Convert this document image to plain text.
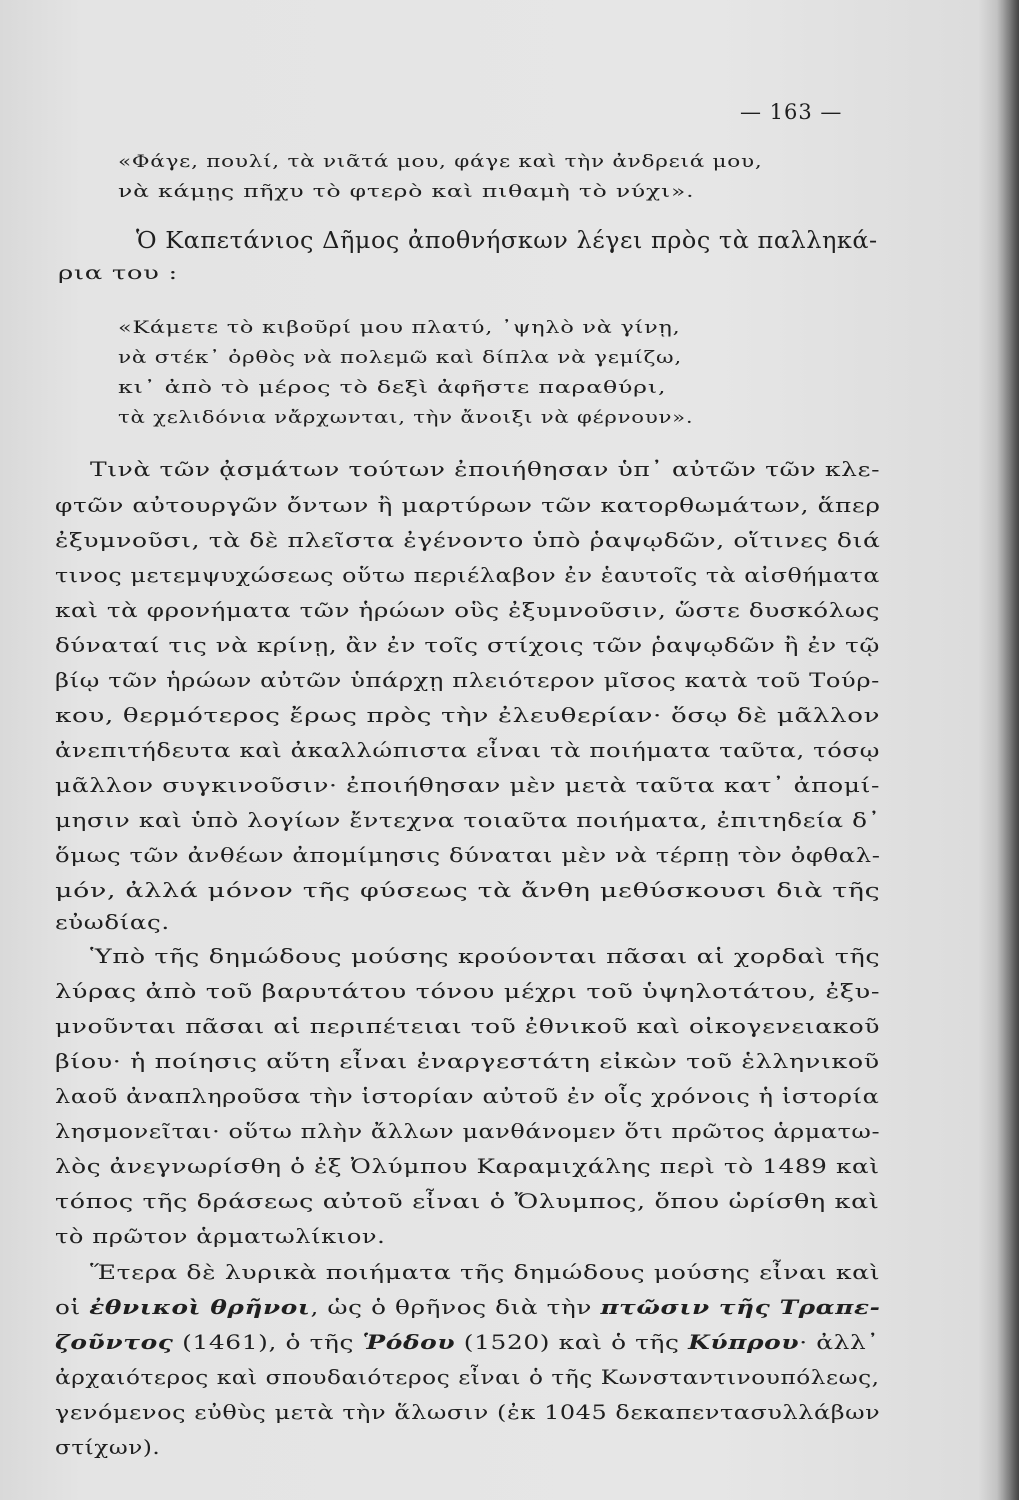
— 163 —
«Φάγε, πουλί, τὰ νιᾶτά μου, φάγε καὶ τὴν ἀνδρειά μου,
νὰ κάμῃς πῆχυ τὸ φτερὸ καὶ πιθαμὴ τὸ νύχι».
Ὁ Καπετάνιος Δῆμος ἀποθνήσκων λέγει πρὸς τὰ παλληκά-
ρια του :
«Κάμετε τὸ κιβοῦρί μου πλατύ, ᾿ψηλὸ νὰ γίνῃ,
νὰ στέκ᾿ ὀρθὸς νὰ πολεμῶ καὶ δίπλα νὰ γεμίζω,
κι᾿ ἀπὸ τὸ μέρος τὸ δεξὶ ἀφῆστε παραθύρι,
τὰ χελιδόνια νἄρχωνται, τὴν ἄνοιξι νὰ φέρνουν».
Τινὰ τῶν ᾀσμάτων τούτων ἐποιήθησαν ὑπ᾿ αὐτῶν τῶν κλε-
φτῶν αὐτουργῶν ὄντων ἢ μαρτύρων τῶν κατορθωμάτων, ἅπερ
ἐξυμνοῦσι, τὰ δὲ πλεῖστα ἐγένοντο ὑπὸ ῥαψῳδῶν, οἵτινες διά
τινος μετεμψυχώσεως οὕτω περιέλαβον ἐν ἑαυτοῖς τὰ αἰσθήματα
καὶ τὰ φρονήματα τῶν ἡρώων οὓς ἐξυμνοῦσιν, ὥστε δυσκόλως
δύναταί τις νὰ κρίνῃ, ἂν ἐν τοῖς στίχοις τῶν ῥαψῳδῶν ἢ ἐν τῷ
βίῳ τῶν ἡρώων αὐτῶν ὑπάρχῃ πλειότερον μῖσος κατὰ τοῦ Τούρ-
κου, θερμότερος ἔρως πρὸς τὴν ἐλευθερίαν· ὅσῳ δὲ μᾶλλον
ἀνεπιτήδευτα καὶ ἀκαλλώπιστα εἶναι τὰ ποιήματα ταῦτα, τόσῳ
μᾶλλον συγκινοῦσιν· ἐποιήθησαν μὲν μετὰ ταῦτα κατ᾿ ἀπομί-
μησιν καὶ ὑπὸ λογίων ἔντεχνα τοιαῦτα ποιήματα, ἐπιτηδεία δ᾿
ὅμως τῶν ἀνθέων ἀπομίμησις δύναται μὲν νὰ τέρπῃ τὸν ὀφθαλ-
μόν, ἀλλά μόνον τῆς φύσεως τὰ ἄνθη μεθύσκουσι διὰ τῆς
εὐωδίας.
Ὑπὸ τῆς δημώδους μούσης κρούονται πᾶσαι αἱ χορδαὶ τῆς
λύρας ἀπὸ τοῦ βαρυτάτου τόνου μέχρι τοῦ ὑψηλοτάτου, ἐξυ-
μνοῦνται πᾶσαι αἱ περιπέτειαι τοῦ ἐθνικοῦ καὶ οἰκογενειακοῦ
βίου· ἡ ποίησις αὕτη εἶναι ἐναργεστάτη εἰκὼν τοῦ ἑλληνικοῦ
λαοῦ ἀναπληροῦσα τὴν ἱστορίαν αὐτοῦ ἐν οἷς χρόνοις ἡ ἱστορία
λησμονεῖται· οὕτω πλὴν ἄλλων μανθάνομεν ὅτι πρῶτος ἁρματω-
λὸς ἀνεγνωρίσθη ὁ ἐξ Ὀλύμπου Καραμιχάλης περὶ τὸ 1489 καὶ
τόπος τῆς δράσεως αὐτοῦ εἶναι ὁ Ὄλυμπος, ὅπου ὡρίσθη καὶ
τὸ πρῶτον ἁρματωλίκιον.
Ἕτερα δὲ λυρικὰ ποιήματα τῆς δημώδους μούσης εἶναι καὶ
οἱ ἐθνικοὶ θρῆνοι, ὡς ὁ θρῆνος διὰ τὴν πτῶσιν τῆς Τραπε-
ζοῦντος (1461), ὁ τῆς Ῥόδου (1520) καὶ ὁ τῆς Κύπρου· ἀλλ᾿
ἀρχαιότερος καὶ σπουδαιότερος εἶναι ὁ τῆς Κωνσταντινουπόλεως,
γενόμενος εὐθὺς μετὰ τὴν ἅλωσιν (ἐκ 1045 δεκαπεντασυλλάβων
στίχων).
